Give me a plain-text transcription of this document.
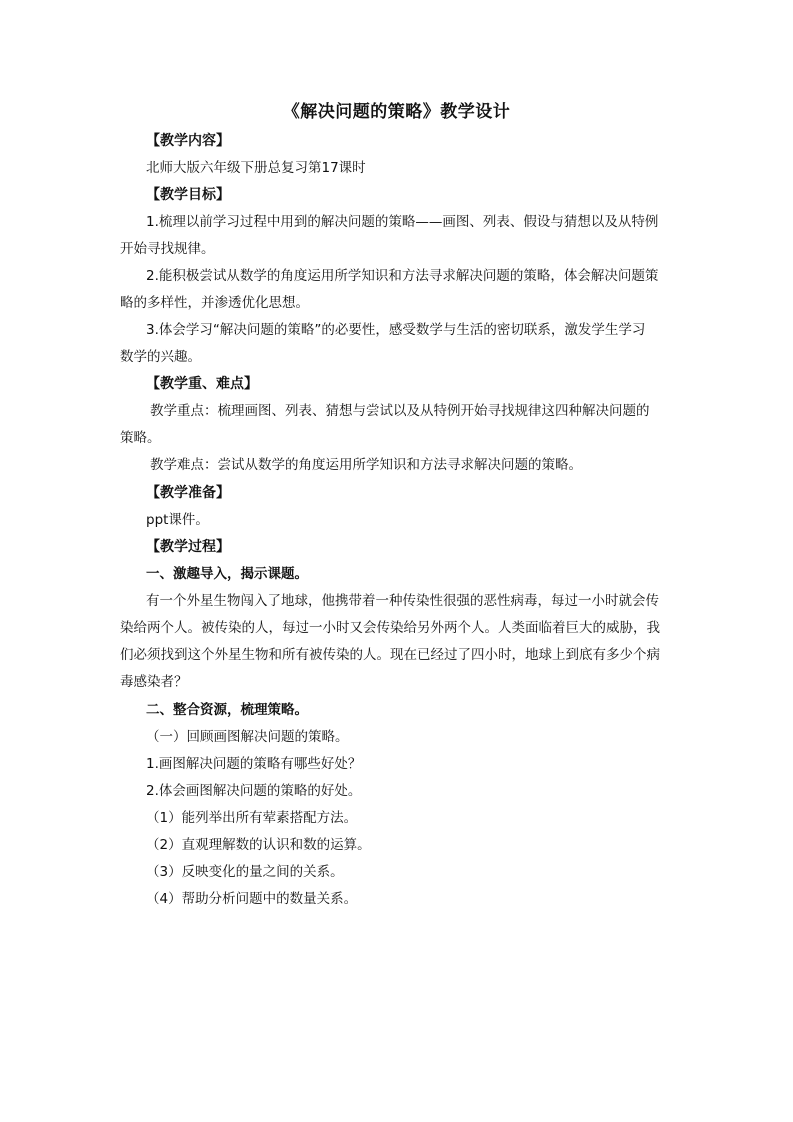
《解决问题的策略》教学设计
【教学内容】
北师大版六年级下册总复习第17课时
【教学目标】
1.梳理以前学习过程中用到的解决问题的策略——画图、列表、假设与猜想以及从特例
开始寻找规律。
2.能积极尝试从数学的角度运用所学知识和方法寻求解决问题的策略，体会解决问题策
略的多样性，并渗透优化思想。
3.体会学习“解决问题的策略”的必要性，感受数学与生活的密切联系，激发学生学习
数学的兴趣。
【教学重、难点】
教学重点：梳理画图、列表、猜想与尝试以及从特例开始寻找规律这四种解决问题的
策略。
教学难点：尝试从数学的角度运用所学知识和方法寻求解决问题的策略。
【教学准备】
ppt课件。
【教学过程】
一、激趣导入，揭示课题。
有一个外星生物闯入了地球，他携带着一种传染性很强的恶性病毒，每过一小时就会传
染给两个人。被传染的人，每过一小时又会传染给另外两个人。人类面临着巨大的威胁，我
们必须找到这个外星生物和所有被传染的人。现在已经过了四小时，地球上到底有多少个病
毒感染者？
二、整合资源，梳理策略。
（一）回顾画图解决问题的策略。
1.画图解决问题的策略有哪些好处？
2.体会画图解决问题的策略的好处。
（1）能列举出所有荤素搭配方法。
（2）直观理解数的认识和数的运算。
（3）反映变化的量之间的关系。
（4）帮助分析问题中的数量关系。
